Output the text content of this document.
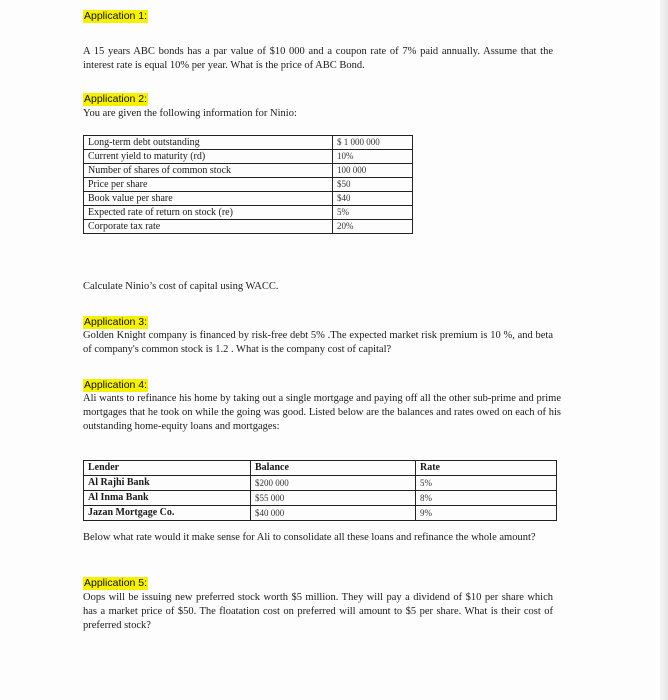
Application 1:
A 15 years ABC bonds has a par value of $10 000 and a coupon rate of 7% paid annually. Assume that the interest rate is equal 10% per year. What is the price of ABC Bond.
Application 2:
You are given the following information for Ninio:
Long-term debt outstanding	$ 1 000 000
Current yield to maturity (rd)	10%
Number of shares of common stock	100 000
Price per share	$50
Book value per share	$40
Expected rate of return on stock (re)	5%
Corporate tax rate	20%
Calculate Ninio’s cost of capital using WACC.
Application 3:
Golden Knight company is financed by risk-free debt 5% .The expected market risk premium is 10 %, and beta of company's common stock is 1.2 . What is the company cost of capital?
Application 4:
Ali wants to refinance his home by taking out a single mortgage and paying off all the other sub-prime and prime mortgages that he took on while the going was good. Listed below are the balances and rates owed on each of his outstanding home-equity loans and mortgages:
Lender	Balance	Rate
Al Rajhi Bank	$200 000	5%
Al Inma Bank	$55 000	8%
Jazan Mortgage Co.	$40 000	9%
Below what rate would it make sense for Ali to consolidate all these loans and refinance the whole amount?
Application 5:
Oops will be issuing new preferred stock worth $5 million. They will pay a dividend of $10 per share which has a market price of $50. The floatation cost on preferred will amount to $5 per share. What is their cost of preferred stock?
